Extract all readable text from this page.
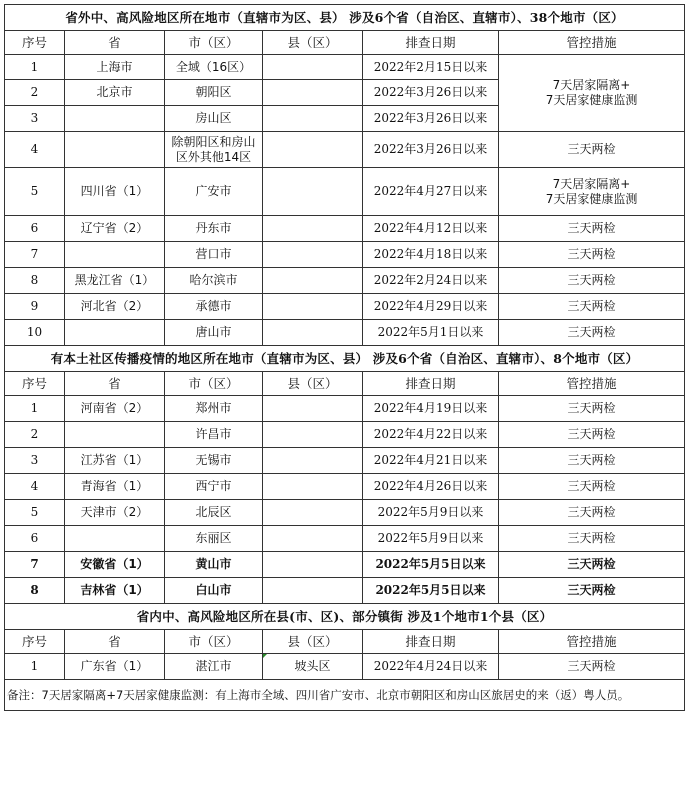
省外中、高风险地区所在地市（直辖市为区、县） 涉及6个省（自治区、直辖市）、38个地市（区）					
序号	省	市（区）	县（区）	排查日期	管控措施
1	上海市	全域（16区）		2022年2月15日以来	7天居家隔离+
7天居家健康监测

2	北京市	朝阳区		2022年3月26日以来	
3		房山区		2022年3月26日以来	
4		除朝阳区和房山区外其他14区		2022年3月26日以来	三天两检
5	四川省（1）	广安市		2022年4月27日以来	7天居家隔离+
7天居家健康监测

6	辽宁省（2）	丹东市		2022年4月12日以来	三天两检
7		营口市		2022年4月18日以来	三天两检
8	黑龙江省（1）	哈尔滨市		2022年2月24日以来	三天两检
9	河北省（2）	承德市		2022年4月29日以来	三天两检
10		唐山市		2022年5月1日以来	三天两检
有本土社区传播疫情的地区所在地市（直辖市为区、县） 涉及6个省（自治区、直辖市）、8个地市（区）					
序号	省	市（区）	县（区）	排查日期	管控措施
1	河南省（2）	郑州市		2022年4月19日以来	三天两检
2		许昌市		2022年4月22日以来	三天两检
3	江苏省（1）	无锡市		2022年4月21日以来	三天两检
4	青海省（1）	西宁市		2022年4月26日以来	三天两检
5	天津市（2）	北辰区		2022年5月9日以来	三天两检
6		东丽区		2022年5月9日以来	三天两检
7	安徽省（1）	黄山市		2022年5月5日以来	三天两检
8	吉林省（1）	白山市		2022年5月5日以来	三天两检
省内中、高风险地区所在县(市、区)、部分镇街 涉及1个地市1个县（区）					
序号	省	市（区）	县（区）	排查日期	管控措施
1	广东省（1）	湛江市	坡头区	2022年4月24日以来	三天两检
备注：7天居家隔离+7天居家健康监测：有上海市全域、四川省广安市、北京市朝阳区和房山区旅居史的来（返）粤人员。					
